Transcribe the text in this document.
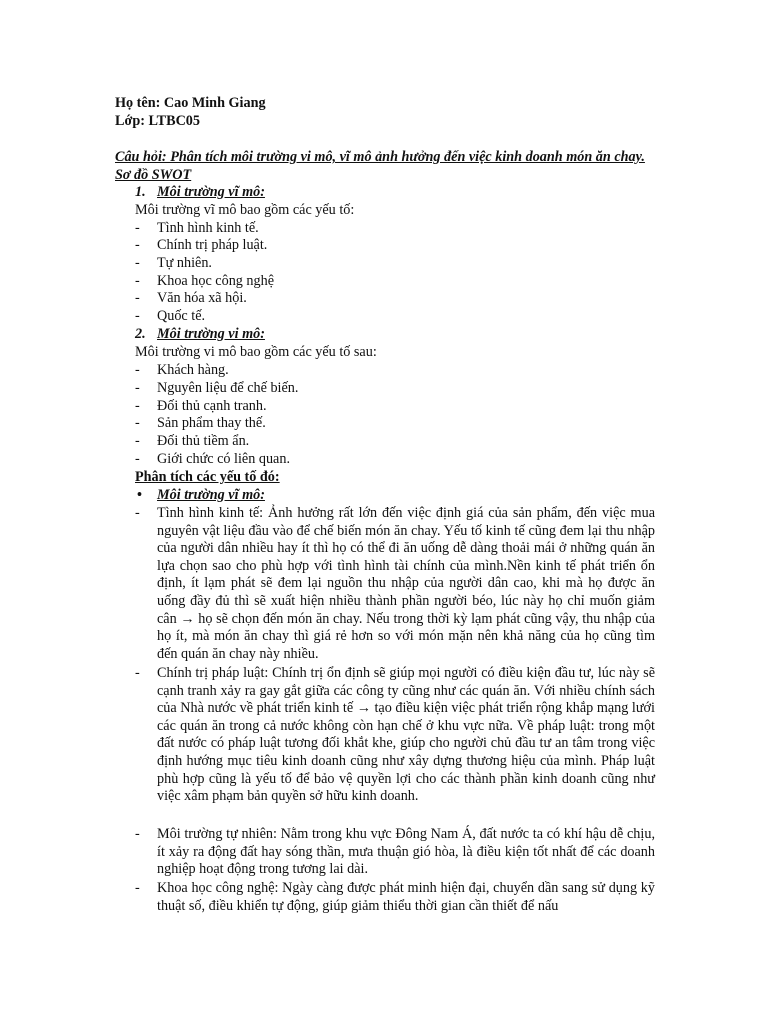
Họ tên: Cao Minh Giang
Lớp: LTBC05
Câu hỏi: Phân tích môi trường vi mô, vĩ mô ảnh hưởng đến việc kinh doanh món ăn chay. Sơ đồ SWOT
1. Môi trường vĩ mô:
Môi trường vĩ mô bao gồm các yếu tố:
-	Tình hình kinh tế.
-	Chính trị pháp luật.
-	Tự nhiên.
-	Khoa học công nghệ
-	Văn hóa xã hội.
-	Quốc tế.
2. Môi trường vi mô:
Môi trường vi mô bao gồm các yếu tố sau:
-	Khách hàng.
-	Nguyên liệu để chế biến.
-	Đối thủ cạnh tranh.
-	Sản phẩm thay thế.
-	Đối thủ tiềm ẩn.
-	Giới chức có liên quan.
Phân tích các yếu tố đó:
• Môi trường vĩ mô:
- Tình hình kinh tế: Ảnh hưởng rất lớn đến việc định giá của sản phẩm, đến việc mua nguyên vật liệu đầu vào để chế biến món ăn chay. Yếu tố kinh tế cũng đem lại thu nhập của người dân nhiều hay ít thì họ có thể đi ăn uống dễ dàng thoải mái ở những quán ăn lựa chọn sao cho phù hợp với tình hình tài chính của mình.Nền kinh tế phát triển ổn định, ít lạm phát sẽ đem lại nguồn thu nhập của người dân cao, khi mà họ được ăn uống đầy đủ thì sẽ xuất hiện nhiều thành phần người béo, lúc này họ chỉ muốn giảm cân → họ sẽ chọn đến món ăn chay. Nếu trong thời kỳ lạm phát cũng vậy, thu nhập của họ ít, mà món ăn chay thì giá rẻ hơn so với món mặn nên khả năng của họ cũng tìm đến quán ăn chay này nhiều.
- Chính trị pháp luật: Chính trị ổn định sẽ giúp mọi người có điều kiện đầu tư, lúc này sẽ cạnh tranh xảy ra gay gắt giữa các công ty cũng như các quán ăn. Với nhiều chính sách của Nhà nước về phát triển kinh tế → tạo điều kiện việc phát triển rộng khắp mạng lưới các quán ăn trong cả nước không còn hạn chế ở khu vực nữa. Về pháp luật: trong một đất nước có pháp luật tương đối khắt khe, giúp cho người chủ đầu tư an tâm trong việc định hướng mục tiêu kinh doanh cũng như xây dựng thương hiệu của mình. Pháp luật phù hợp cũng là yếu tố để bảo vệ quyền lợi cho các thành phần kinh doanh cũng như việc xâm phạm bản quyền sở hữu kinh doanh.
- Môi trường tự nhiên: Nằm trong khu vực Đông Nam Á, đất nước ta có khí hậu dễ chịu, ít xảy ra động đất hay sóng thần, mưa thuận gió hòa, là điều kiện tốt nhất để các doanh nghiệp hoạt động trong tương lai dài.
- Khoa học công nghệ: Ngày càng được phát minh hiện đại, chuyển dần sang sử dụng kỹ thuật số, điều khiển tự động, giúp giảm thiểu thời gian cần thiết để nấu
